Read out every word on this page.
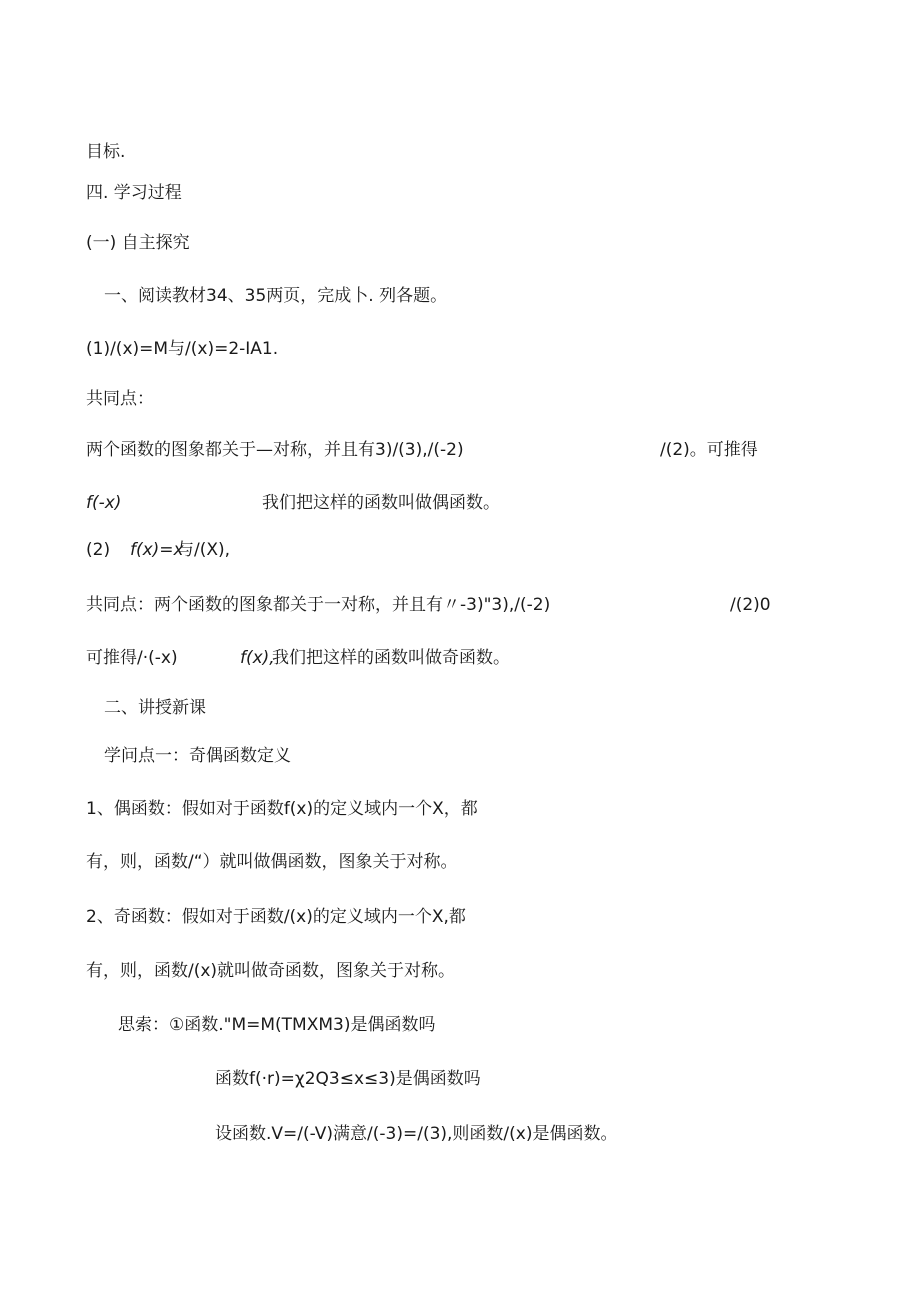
目标.
四. 学习过程
(一) 自主探究
一、阅读教材34、35两页，完成卜. 列各题。
(1)/(x)=M与/(x)=2-IA1.
共同点：
两个函数的图象都关于—对称，并且有3)/(3),/(-2)	/(2)。可推得
f(-x)	我们把这样的函数叫做偶函数。
(2) f(x)=x
与/(X),
共同点：两个函数的图象都关于一对称，并且有〃-3)"3),/(-2)	/(2)0
可推得/·(-x)	f(x),
我们把这样的函数叫做奇函数。
二、讲授新课
学问点一：奇偶函数定义
1、偶函数：假如对于函数f(x)的定义域内一个X，都
有，则，函数/“）就叫做偶函数，图象关于对称。
2、奇函数：假如对于函数/(x)的定义域内一个X,都
有，则，函数/(x)就叫做奇函数，图象关于对称。
思索：①函数."M=M(TMXM3)是偶函数吗
函数f(·r)=χ2Q3≤x≤3)是偶函数吗
设函数.V=/(-V)满意/(-3)=/(3),则函数/(x)是偶函数。
